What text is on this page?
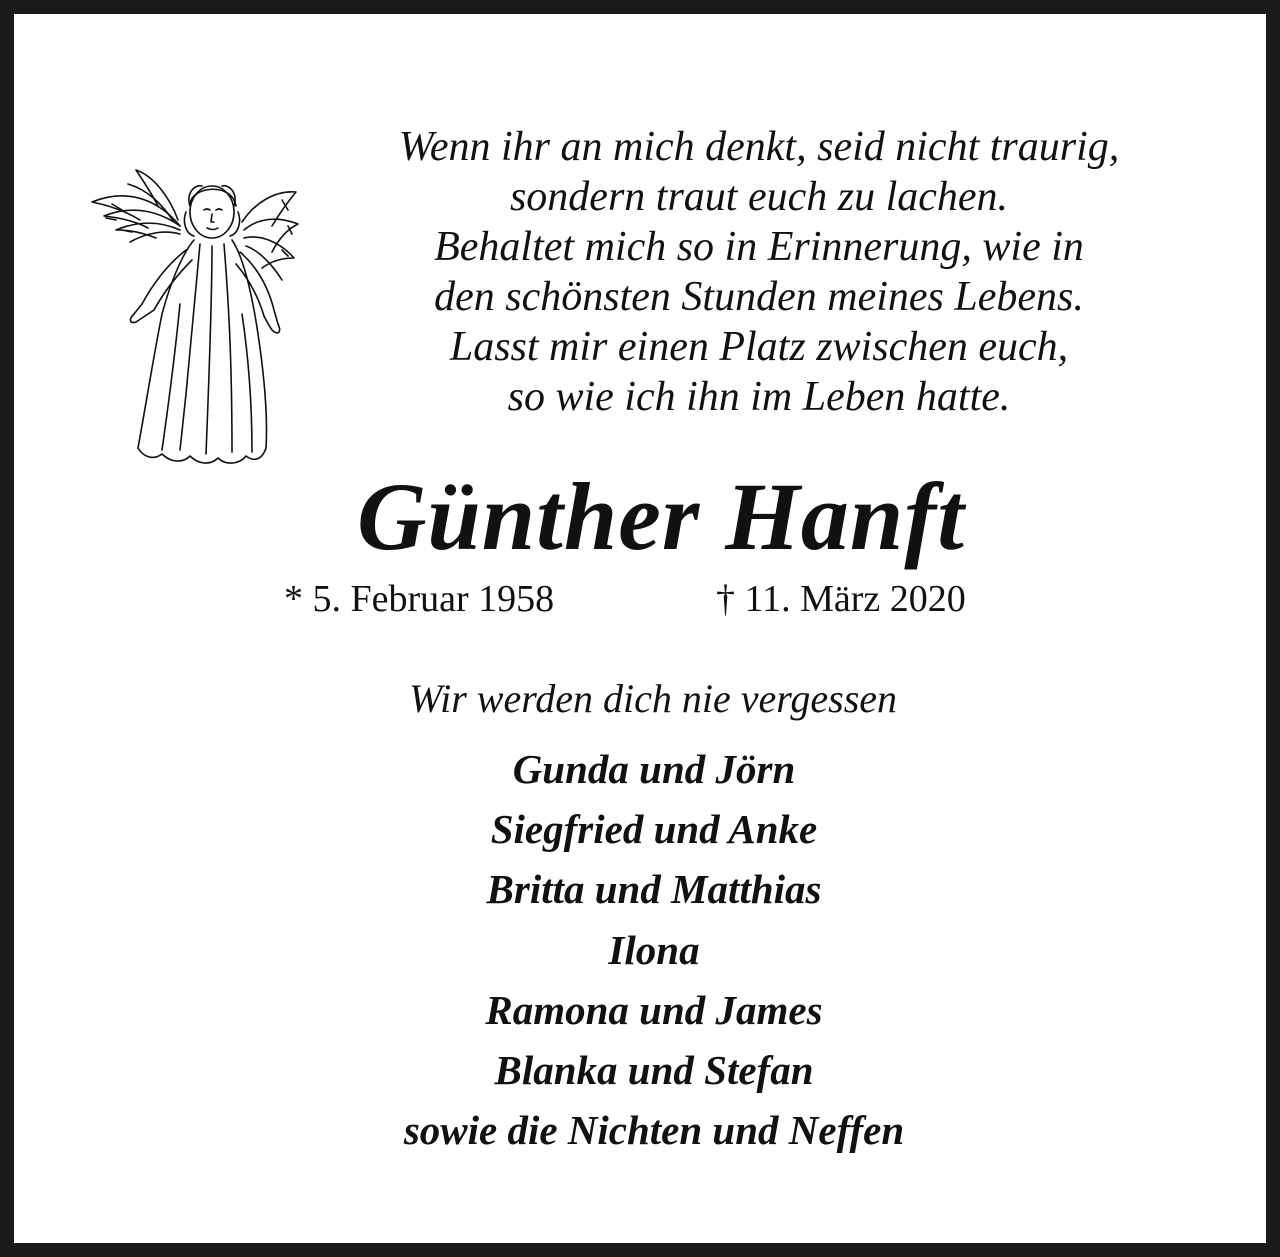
Wenn ihr an mich denkt, seid nicht traurig,
sondern traut euch zu lachen.
Behaltet mich so in Erinnerung, wie in
den schönsten Stunden meines Lebens.
Lasst mir einen Platz zwischen euch,
so wie ich ihn im Leben hatte.
Günther Hanft
* 5. Februar 1958	† 11. März 2020
Wir werden dich nie vergessen
Gunda und Jörn
Siegfried und Anke
Britta und Matthias
Ilona
Ramona und James
Blanka und Stefan
sowie die Nichten und Neffen
